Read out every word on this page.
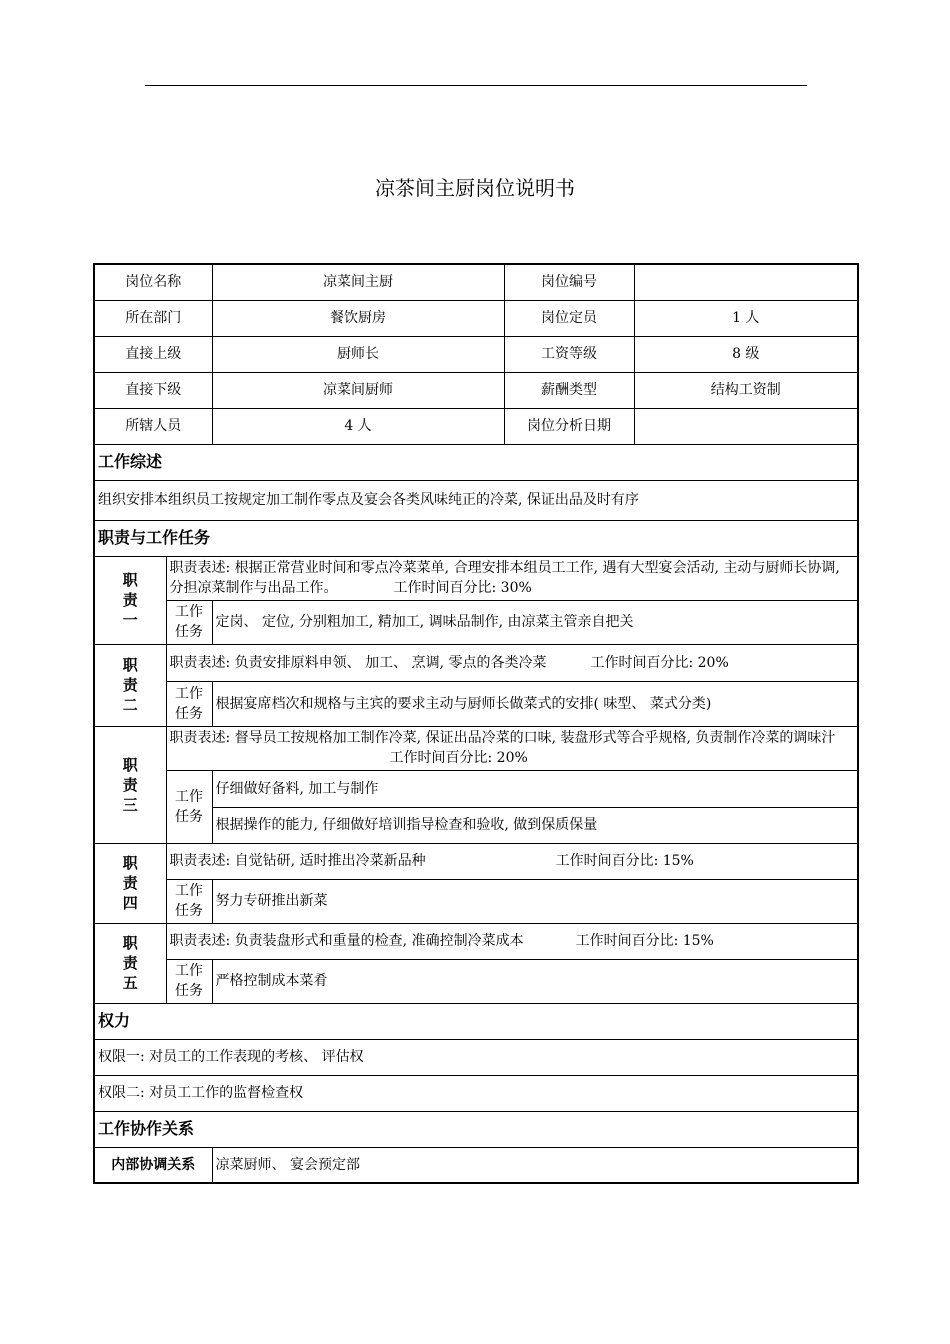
凉茶间主厨岗位说明书
岗位名称		凉菜间主厨	岗位编号	
所在部门		餐饮厨房	岗位定员	1 人
直接上级		厨师长	工资等级	8 级
直接下级		凉菜间厨师	薪酬类型	结构工资制
所辖人员		4 人	岗位分析日期	
工作综述				
组织安排本组织员工按规定加工制作零点及宴会各类风味纯正的冷菜, 保证出品及时有序				
职责与工作任务				
职责一	职责表述: 根据正常营业时间和零点冷菜菜单, 合理安排本组员工工作, 遇有大型宴会活动, 主动与厨师长协调, 分担凉菜制作与出品工作。 工作时间百分比: 30%			
	工作任务	定岗、 定位, 分别粗加工, 精加工, 调味品制作, 由凉菜主管亲自把关		
职责二	职责表述: 负责安排原料申领、 加工、 烹调, 零点的各类冷菜 工作时间百分比: 20%			
	工作任务	根据宴席档次和规格与主宾的要求主动与厨师长做菜式的安排( 味型、 菜式分类)		
职责三	职责表述: 督导员工按规格加工制作冷菜, 保证出品冷菜的口味, 装盘形式等合乎规格, 负责制作冷菜的调味汁工作时间百分比: 20%			
	工作任务	仔细做好备料, 加工与制作		
		根据操作的能力, 仔细做好培训指导检查和验收, 做到保质保量		
职责四	职责表述: 自觉钻研, 适时推出冷菜新品种 工作时间百分比: 15%			
	工作任务	努力专研推出新菜		
职责五	职责表述: 负责装盘形式和重量的检查, 准确控制冷菜成本 工作时间百分比: 15%			
	工作任务	严格控制成本菜肴		
权力				
权限一: 对员工的工作表现的考核、 评估权				
权限二: 对员工工作的监督检查权				
工作协作关系				
内部协调关系		凉菜厨师、 宴会预定部		
